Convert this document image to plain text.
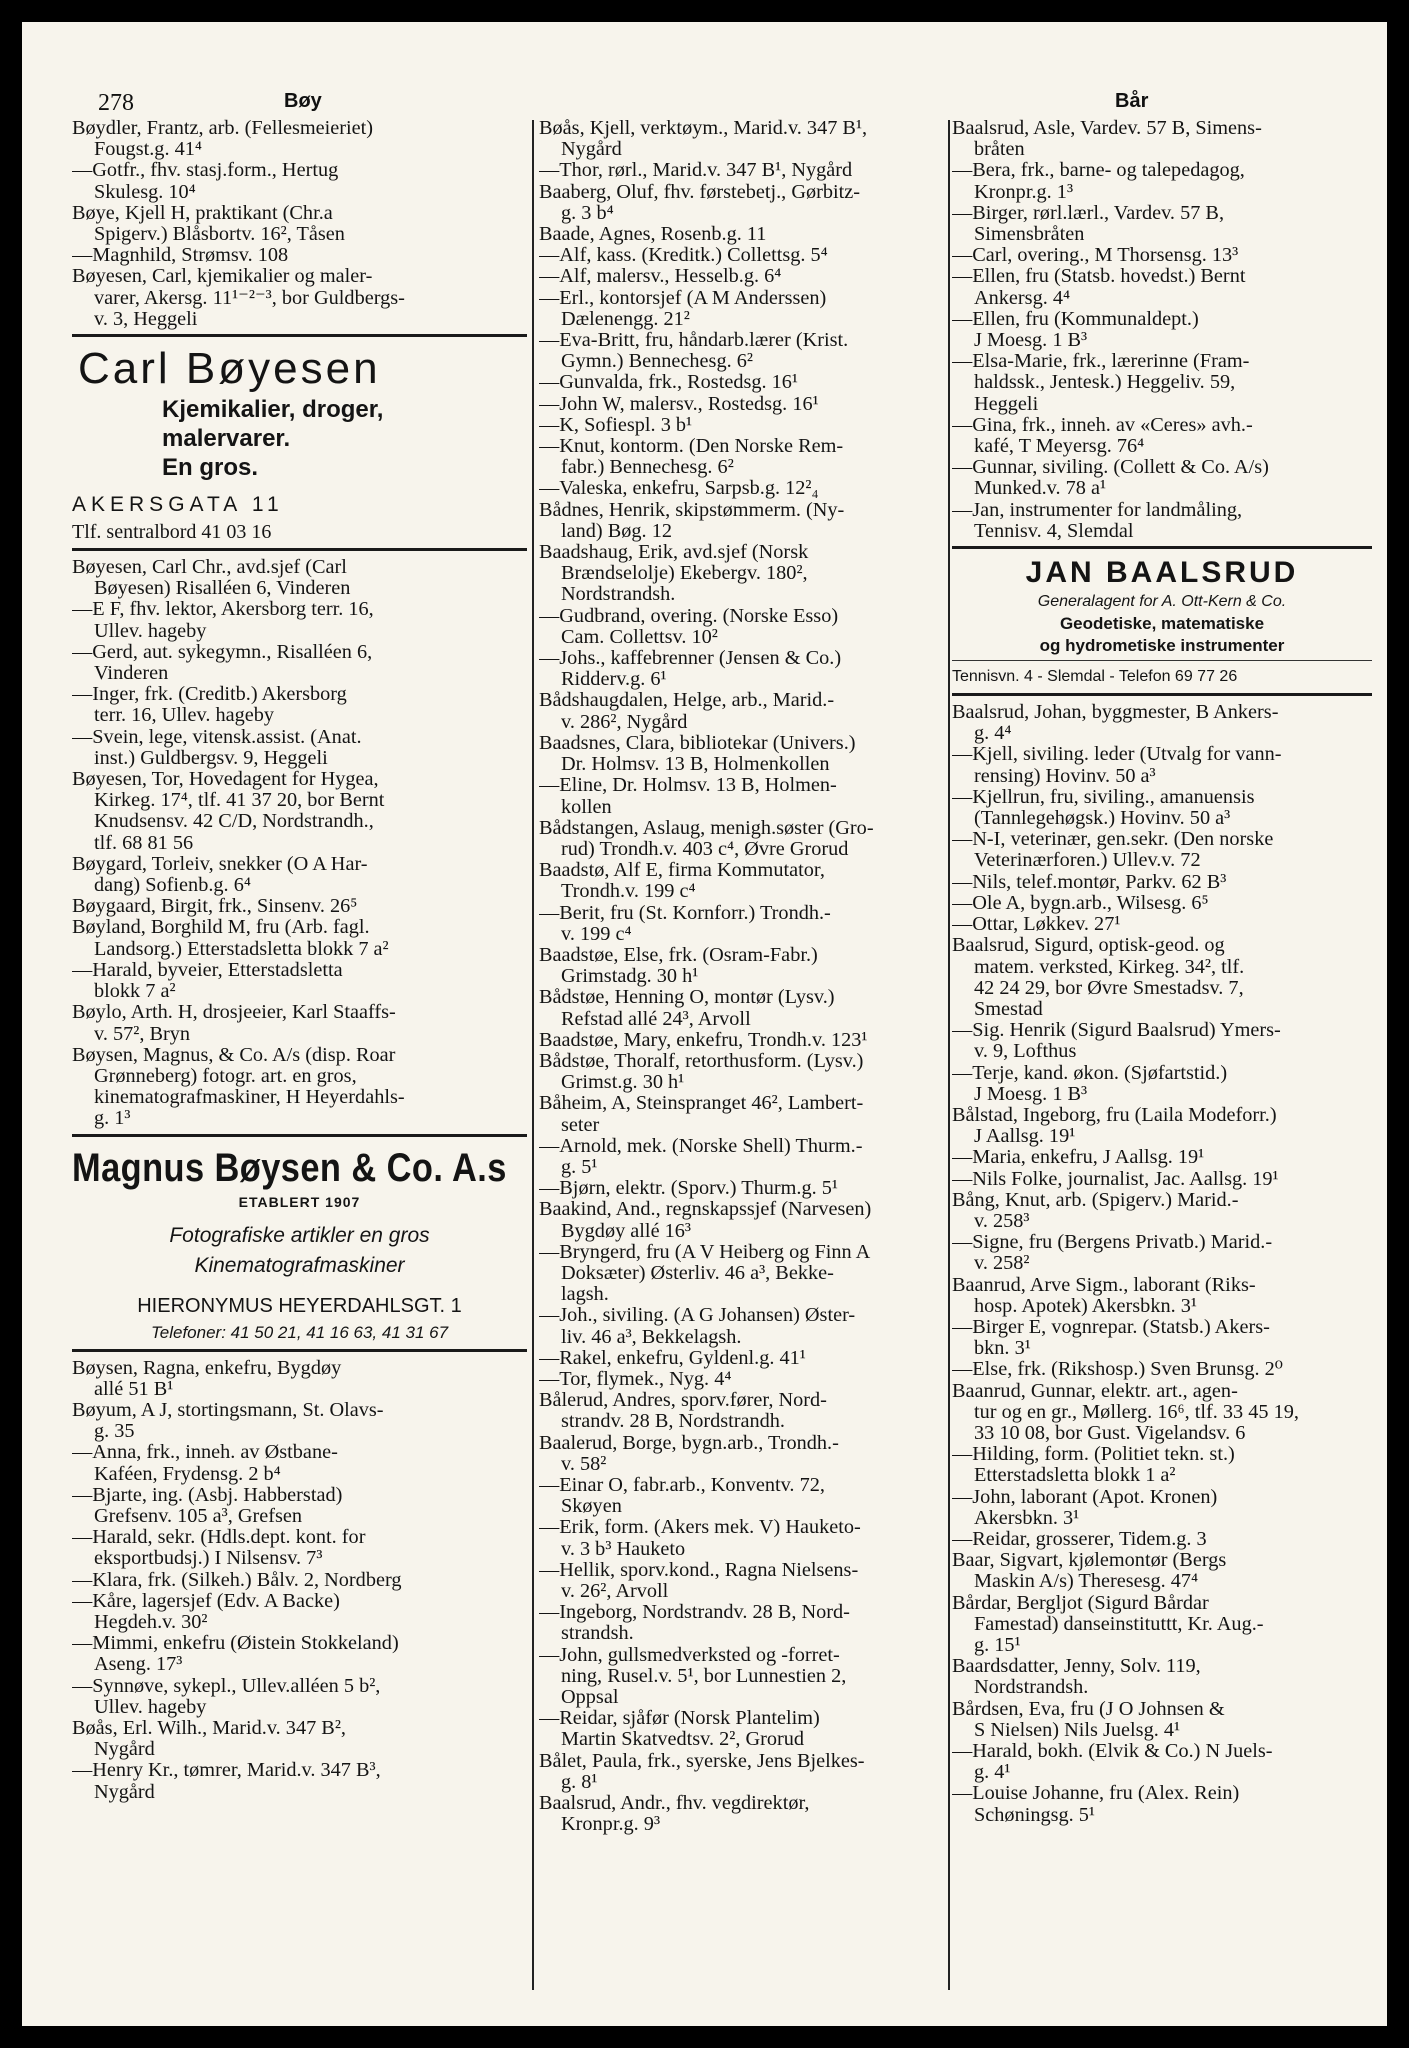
278	Bøy	Bår
Bøydler, Frantz, arb. (Fellesmeieriet)
Fougst.g. 41⁴
—Gotfr., fhv. stasj.form., Hertug
Skulesg. 10⁴
Bøye, Kjell H, praktikant (Chr.a
Spigerv.) Blåsbortv. 16², Tåsen
—Magnhild, Strømsv. 108
Bøyesen, Carl, kjemikalier og maler-
varer, Akersg. 11¹⁻²⁻³, bor Guldbergs-
v. 3, Heggeli
Carl Bøyesen
Kjemikalier, droger,
malervarer.
En gros.
AKERSGATA 11
Tlf. sentralbord 41 03 16
Bøyesen, Carl Chr., avd.sjef (Carl
Bøyesen) Risalléen 6, Vinderen
—E F, fhv. lektor, Akersborg terr. 16,
Ullev. hageby
—Gerd, aut. sykegymn., Risalléen 6,
Vinderen
—Inger, frk. (Creditb.) Akersborg
terr. 16, Ullev. hageby
—Svein, lege, vitensk.assist. (Anat.
inst.) Guldbergsv. 9, Heggeli
Bøyesen, Tor, Hovedagent for Hygea,
Kirkeg. 17⁴, tlf. 41 37 20, bor Bernt
Knudsensv. 42 C/D, Nordstrandh.,
tlf. 68 81 56
Bøygard, Torleiv, snekker (O A Har-
dang) Sofienb.g. 6⁴
Bøygaard, Birgit, frk., Sinsenv. 26⁵
Bøyland, Borghild M, fru (Arb. fagl.
Landsorg.) Etterstadsletta blokk 7 a²
—Harald, byveier, Etterstadsletta
blokk 7 a²
Bøylo, Arth. H, drosjeeier, Karl Staaffs-
v. 57², Bryn
Bøysen, Magnus, & Co. A/s (disp. Roar
Grønneberg) fotogr. art. en gros,
kinematografmaskiner, H Heyerdahls-
g. 1³
Magnus Bøysen & Co. A.s
ETABLERT 1907
Fotografiske artikler en gros
Kinematografmaskiner
HIERONYMUS HEYERDAHLSGT. 1
Telefoner: 41 50 21, 41 16 63, 41 31 67
Bøysen, Ragna, enkefru, Bygdøy
allé 51 B¹
Bøyum, A J, stortingsmann, St. Olavs-
g. 35
—Anna, frk., inneh. av Østbane-
Kaféen, Frydensg. 2 b⁴
—Bjarte, ing. (Asbj. Habberstad)
Grefsenv. 105 a³, Grefsen
—Harald, sekr. (Hdls.dept. kont. for
eksportbudsj.) I Nilsensv. 7³
—Klara, frk. (Silkeh.) Bålv. 2, Nordberg
—Kåre, lagersjef (Edv. A Backe)
Hegdeh.v. 30²
—Mimmi, enkefru (Øistein Stokkeland)
Aseng. 17³
—Synnøve, sykepl., Ullev.alléen 5 b²,
Ullev. hageby
Bøås, Erl. Wilh., Marid.v. 347 B²,
Nygård
—Henry Kr., tømrer, Marid.v. 347 B³,
Nygård
Bøås, Kjell, verktøym., Marid.v. 347 B¹,
Nygård
—Thor, rørl., Marid.v. 347 B¹, Nygård
Baaberg, Oluf, fhv. førstebetj., Gørbitz-
g. 3 b⁴
Baade, Agnes, Rosenb.g. 11
—Alf, kass. (Kreditk.) Collettsg. 5⁴
—Alf, malersv., Hesselb.g. 6⁴
—Erl., kontorsjef (A M Anderssen)
Dælenengg. 21²
—Eva-Britt, fru, håndarb.lærer (Krist.
Gymn.) Bennechesg. 6²
—Gunvalda, frk., Rostedsg. 16¹
—John W, malersv., Rostedsg. 16¹
—K, Sofiespl. 3 b¹
—Knut, kontorm. (Den Norske Rem-
fabr.) Bennechesg. 6²
—Valeska, enkefru, Sarpsb.g. 12²₄
Bådnes, Henrik, skipstømmerm. (Ny-
land) Bøg. 12
Baadshaug, Erik, avd.sjef (Norsk
Brændselolje) Ekebergv. 180²,
Nordstrandsh.
—Gudbrand, overing. (Norske Esso)
Cam. Collettsv. 10²
—Johs., kaffebrenner (Jensen & Co.)
Ridderv.g. 6¹
Bådshaugdalen, Helge, arb., Marid.-
v. 286², Nygård
Baadsnes, Clara, bibliotekar (Univers.)
Dr. Holmsv. 13 B, Holmenkollen
—Eline, Dr. Holmsv. 13 B, Holmen-
kollen
Bådstangen, Aslaug, menigh.søster (Gro-
rud) Trondh.v. 403 c⁴, Øvre Grorud
Baadstø, Alf E, firma Kommutator,
Trondh.v. 199 c⁴
—Berit, fru (St. Kornforr.) Trondh.-
v. 199 c⁴
Baadstøe, Else, frk. (Osram-Fabr.)
Grimstadg. 30 h¹
Bådstøe, Henning O, montør (Lysv.)
Refstad allé 24³, Arvoll
Baadstøe, Mary, enkefru, Trondh.v. 123¹
Bådstøe, Thoralf, retorthusform. (Lysv.)
Grimst.g. 30 h¹
Båheim, A, Steinspranget 46², Lambert-
seter
—Arnold, mek. (Norske Shell) Thurm.-
g. 5¹
—Bjørn, elektr. (Sporv.) Thurm.g. 5¹
Baakind, And., regnskapssjef (Narvesen)
Bygdøy allé 16³
—Bryngerd, fru (A V Heiberg og Finn A
Doksæter) Østerliv. 46 a³, Bekke-
lagsh.
—Joh., siviling. (A G Johansen) Øster-
liv. 46 a³, Bekkelagsh.
—Rakel, enkefru, Gyldenl.g. 41¹
—Tor, flymek., Nyg. 4⁴
Bålerud, Andres, sporv.fører, Nord-
strandv. 28 B, Nordstrandh.
Baalerud, Borge, bygn.arb., Trondh.-
v. 58²
—Einar O, fabr.arb., Konventv. 72,
Skøyen
—Erik, form. (Akers mek. V) Hauketo-
v. 3 b³ Hauketo
—Hellik, sporv.kond., Ragna Nielsens-
v. 26², Arvoll
—Ingeborg, Nordstrandv. 28 B, Nord-
strandsh.
—John, gullsmedverksted og -forret-
ning, Rusel.v. 5¹, bor Lunnestien 2,
Oppsal
—Reidar, sjåfør (Norsk Plantelim)
Martin Skatvedtsv. 2², Grorud
Bålet, Paula, frk., syerske, Jens Bjelkes-
g. 8¹
Baalsrud, Andr., fhv. vegdirektør,
Kronpr.g. 9³
Baalsrud, Asle, Vardev. 57 B, Simens-
bråten
—Bera, frk., barne- og talepedagog,
Kronpr.g. 1³
—Birger, rørl.lærl., Vardev. 57 B,
Simensbråten
—Carl, overing., M Thorsensg. 13³
—Ellen, fru (Statsb. hovedst.) Bernt
Ankersg. 4⁴
—Ellen, fru (Kommunaldept.)
J Moesg. 1 B³
—Elsa-Marie, frk., lærerinne (Fram-
haldssk., Jentesk.) Heggeliv. 59,
Heggeli
—Gina, frk., inneh. av «Ceres» avh.-
kafé, T Meyersg. 76⁴
—Gunnar, siviling. (Collett & Co. A/s)
Munked.v. 78 a¹
—Jan, instrumenter for landmåling,
Tennisv. 4, Slemdal
JAN BAALSRUD
Generalagent for A. Ott-Kern & Co.
Geodetiske, matematiske
og hydrometiske instrumenter
Tennisvn. 4 - Slemdal - Telefon 69 77 26
Baalsrud, Johan, byggmester, B Ankers-
g. 4⁴
—Kjell, siviling. leder (Utvalg for vann-
rensing) Hovinv. 50 a³
—Kjellrun, fru, siviling., amanuensis
(Tannlegehøgsk.) Hovinv. 50 a³
—N-I, veterinær, gen.sekr. (Den norske
Veterinærforen.) Ullev.v. 72
—Nils, telef.montør, Parkv. 62 B³
—Ole A, bygn.arb., Wilsesg. 6⁵
—Ottar, Løkkev. 27¹
Baalsrud, Sigurd, optisk-geod. og
matem. verksted, Kirkeg. 34², tlf.
42 24 29, bor Øvre Smestadsv. 7,
Smestad
—Sig. Henrik (Sigurd Baalsrud) Ymers-
v. 9, Lofthus
—Terje, kand. økon. (Sjøfartstid.)
J Moesg. 1 B³
Bålstad, Ingeborg, fru (Laila Modeforr.)
J Aallsg. 19¹
—Maria, enkefru, J Aallsg. 19¹
—Nils Folke, journalist, Jac. Aallsg. 19¹
Bång, Knut, arb. (Spigerv.) Marid.-
v. 258³
—Signe, fru (Bergens Privatb.) Marid.-
v. 258²
Baanrud, Arve Sigm., laborant (Riks-
hosp. Apotek) Akersbkn. 3¹
—Birger E, vognrepar. (Statsb.) Akers-
bkn. 3¹
—Else, frk. (Rikshosp.) Sven Brunsg. 2⁰
Baanrud, Gunnar, elektr. art., agen-
tur og en gr., Møllerg. 16⁶, tlf. 33 45 19,
33 10 08, bor Gust. Vigelandsv. 6
—Hilding, form. (Politiet tekn. st.)
Etterstadsletta blokk 1 a²
—John, laborant (Apot. Kronen)
Akersbkn. 3¹
—Reidar, grosserer, Tidem.g. 3
Baar, Sigvart, kjølemontør (Bergs
Maskin A/s) Theresesg. 47⁴
Bårdar, Bergljot (Sigurd Bårdar
Famestad) danseinstituttt, Kr. Aug.-
g. 15¹
Baardsdatter, Jenny, Solv. 119,
Nordstrandsh.
Bårdsen, Eva, fru (J O Johnsen &
S Nielsen) Nils Juelsg. 4¹
—Harald, bokh. (Elvik & Co.) N Juels-
g. 4¹
—Louise Johanne, fru (Alex. Rein)
Schøningsg. 5¹
